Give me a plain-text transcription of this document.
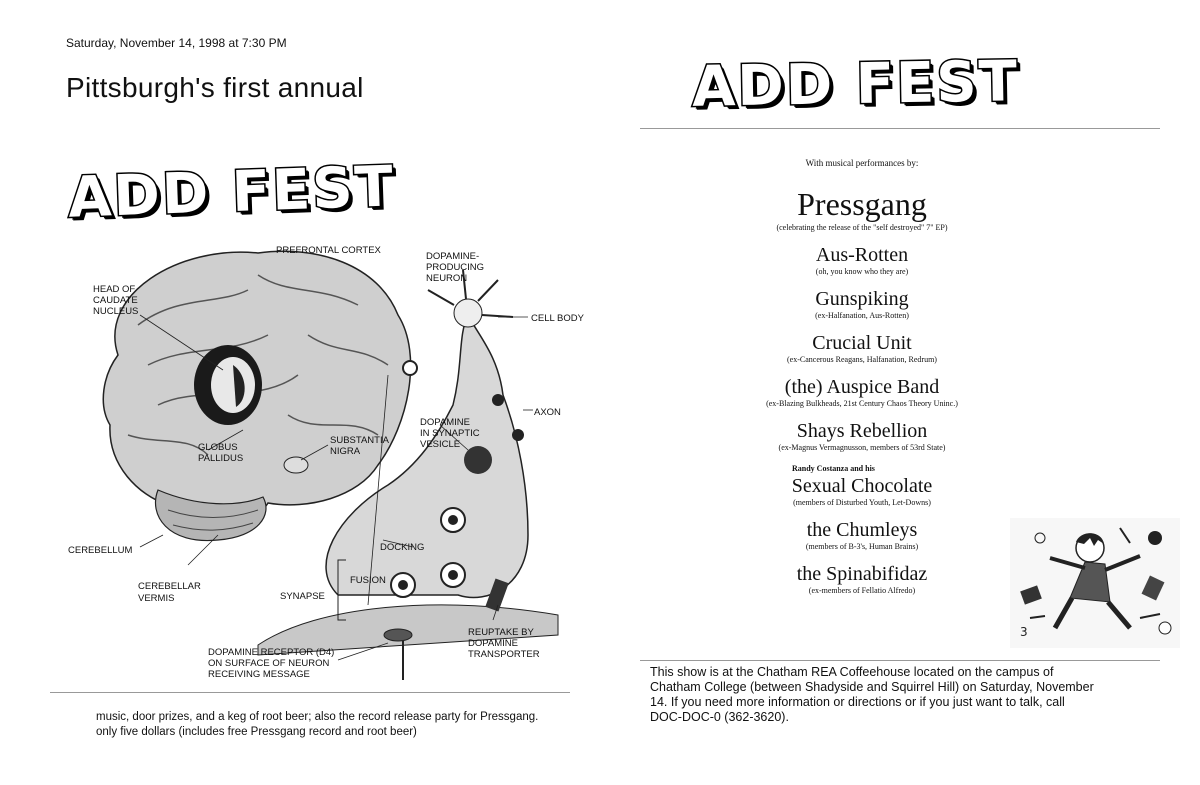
Saturday, November 14, 1998 at 7:30 PM
Pittsburgh's first annual
ADD FEST
PREFRONTAL CORTEX
DOPAMINE-
PRODUCING
NEURON
HEAD OF
CAUDATE
NUCLEUS
CELL BODY
AXON
DOPAMINE
IN SYNAPTIC
VESICLE
GLOBUS
PALLIDUS
SUBSTANTIA
NIGRA
CEREBELLUM	DOCKING
FUSION
SYNAPSE
CEREBELLAR
VERMIS
REUPTAKE BY
DOPAMINE
TRANSPORTER
DOPAMINE RECEPTOR (D4)
ON SURFACE OF NEURON
RECEIVING MESSAGE
music, door prizes, and a keg of root beer; also the record release party for Pressgang. only five dollars (includes free Pressgang record and root beer)
ADD FEST
With musical performances by:
Pressgang
(celebrating the release of the "self destroyed" 7" EP)
Aus-Rotten
(oh, you know who they are)
Gunspiking
(ex-Halfanation, Aus-Rotten)
Crucial Unit
(ex-Cancerous Reagans, Halfanation, Redrum)
(the) Auspice Band
(ex-Blazing Bulkheads, 21st Century Chaos Theory Uninc.)
Shays Rebellion
(ex-Magnus Vermagnusson, members of 53rd State)
Randy Costanza and his
Sexual Chocolate
(members of Disturbed Youth, Let-Downs)
the Chumleys
(members of B-3's, Human Brains)
the Spinabifidaz
(ex-members of Fellatio Alfredo)
3
This show is at the Chatham REA Coffeehouse located on the campus of Chatham College (between Shadyside and Squirrel Hill) on Saturday, November 14. If you need more information or directions or if you just want to talk, call DOC-DOC-0 (362-3620).
